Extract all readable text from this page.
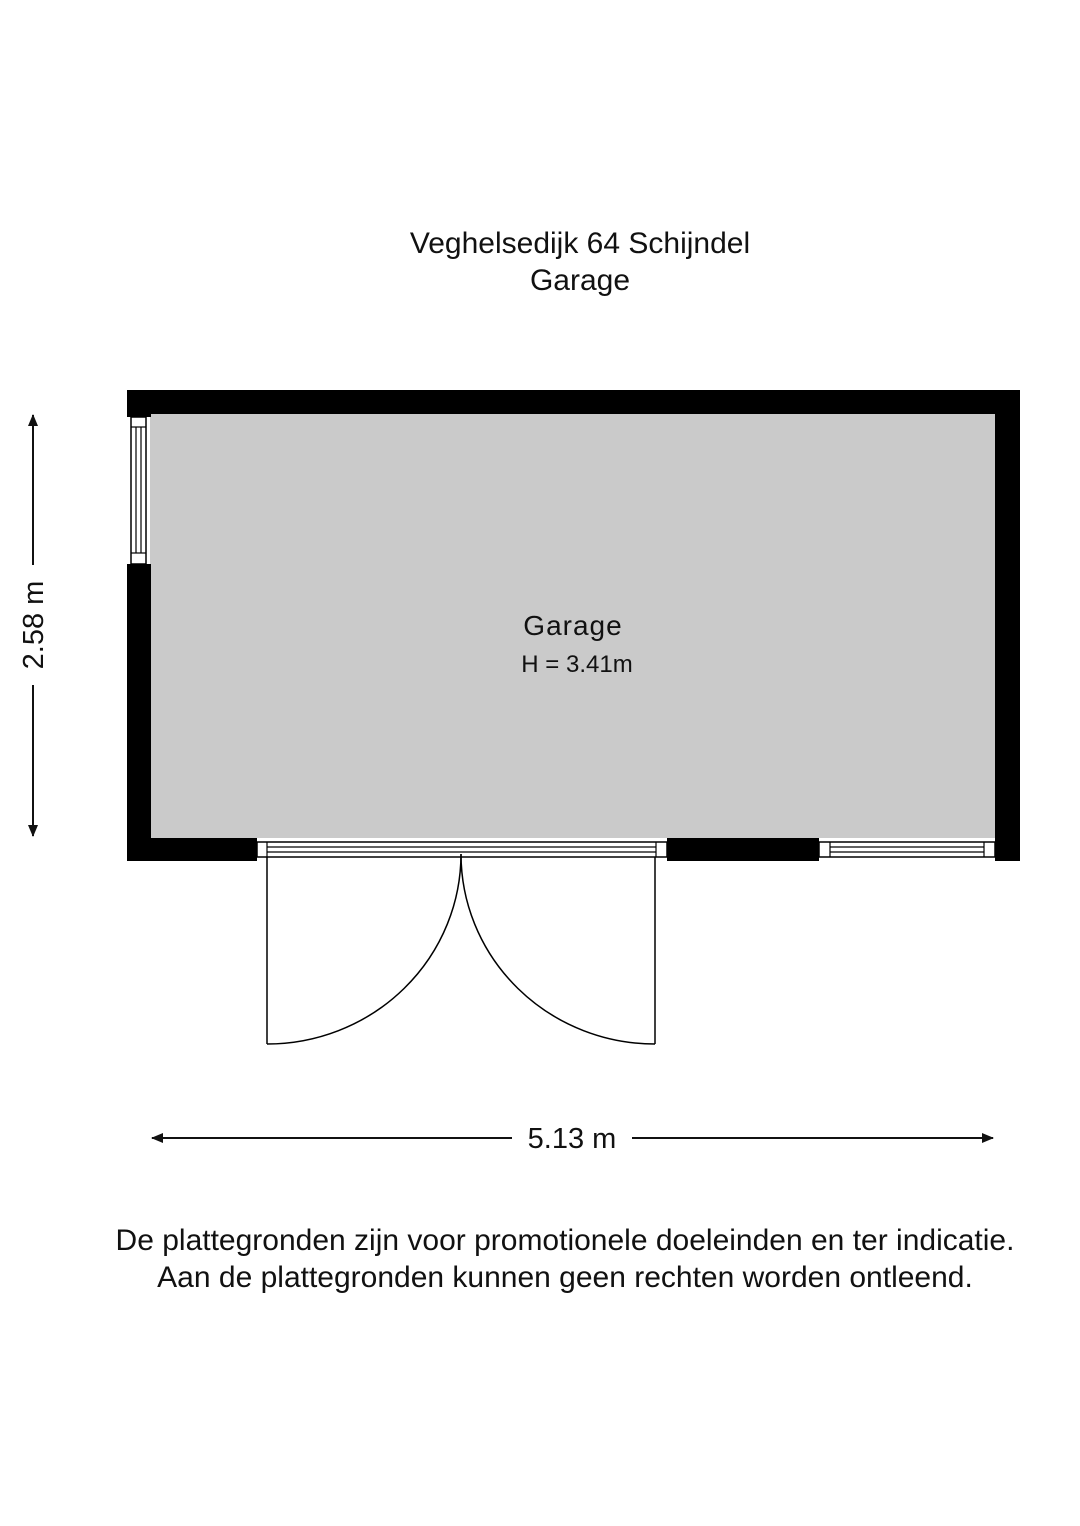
Veghelsedijk 64 Schijndel
Garage
Garage
H = 3.41m
5.13 m
2.58 m
De plattegronden zijn voor promotionele doeleinden en ter indicatie.
Aan de plattegronden kunnen geen rechten worden ontleend.
